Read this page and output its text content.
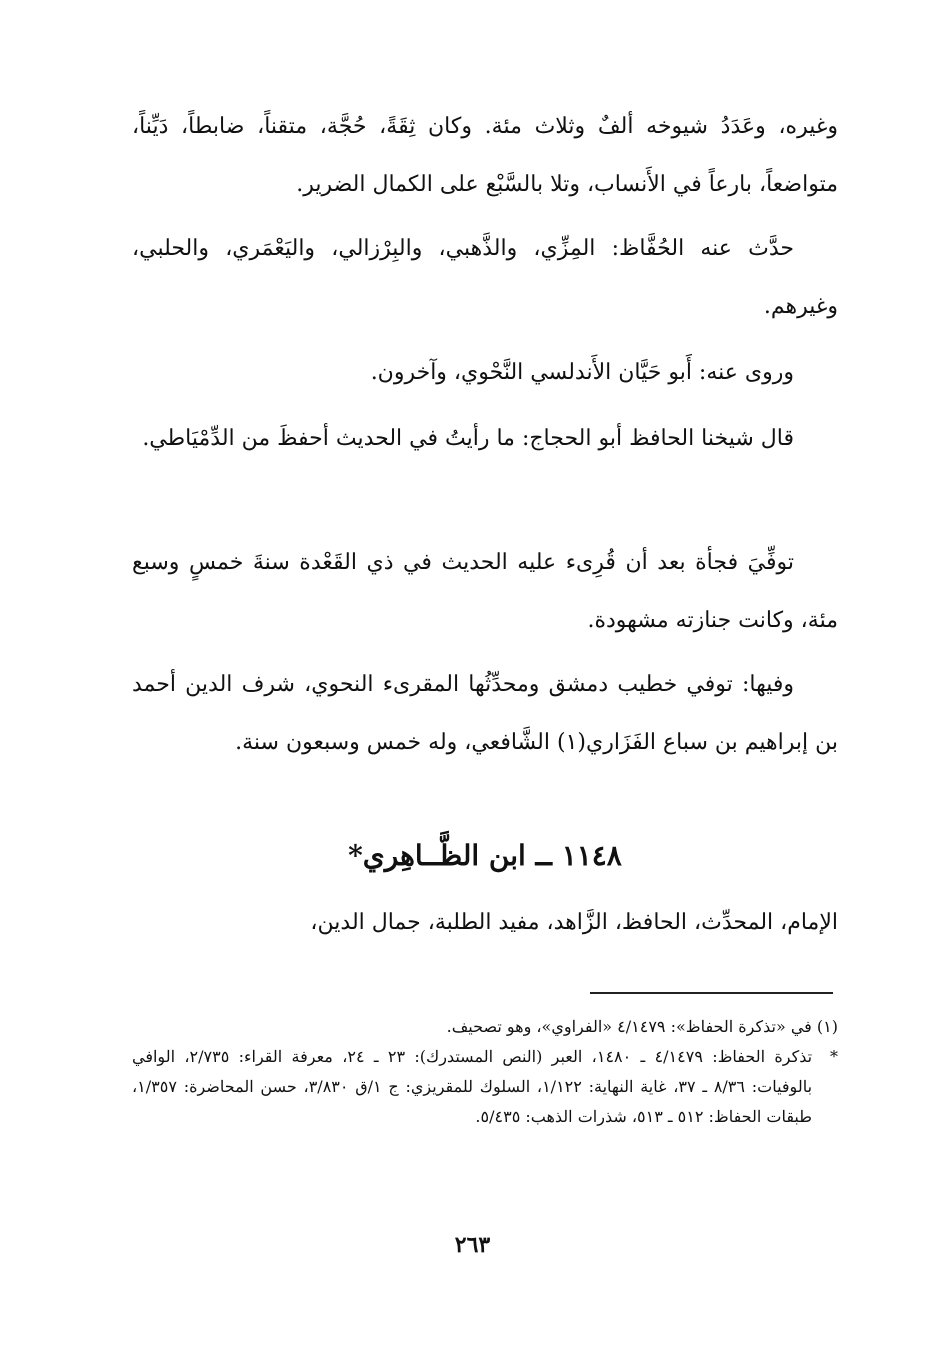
وغيره، وعَدَدُ شيوخه ألفٌ وثلاث مئة. وكان ثِقَةً، حُجَّة، متقناً، ضابطاً، دَيِّناً، متواضعاً، بارعاً في الأَنساب، وتلا بالسَّبْع على الكمال الضرير.

حدَّث عنه الحُفَّاظ: المِزِّي، والذَّهبي، والبِرْزالي، واليَعْمَري، والحلبي، وغيرهم.

وروى عنه: أَبو حَيَّان الأَندلسي النَّحْوي، وآخرون.

قال شيخنا الحافظ أبو الحجاج: ما رأيتُ في الحديث أحفظَ من الدِّمْيَاطي.

توفِّيَ فجأة بعد أن قُرِىء عليه الحديث في ذي القَعْدة سنةَ خمسٍ وسبع مئة، وكانت جنازته مشهودة.

وفيها: توفي خطيب دمشق ومحدِّثُها المقرىء النحوي، شرف الدين أحمد بن إبراهيم بن سباع الفَزَاري(١) الشَّافعي، وله خمس وسبعون سنة.

١١٤٨ ــ ابن الظَّــاهِري*

الإمام، المحدِّث، الحافظ، الزَّاهد، مفيد الطلبة، جمال الدين،

(١) في «تذكرة الحفاظ»: ٤/١٤٧٩ «الفراوي»، وهو تصحيف.

*
تذكرة الحفاظ: ٤/١٤٧٩ ـ ١٤٨٠، العبر (النص المستدرك): ٢٣ ـ ٢٤، معرفة القراء: ٢/٧٣٥، الوافي بالوفيات: ٨/٣٦ ـ ٣٧، غاية النهاية: ١/١٢٢، السلوك للمقريزي: ج ١/ق ٣/٨٣٠، حسن المحاضرة: ١/٣٥٧، طبقات الحفاظ: ٥١٢ ـ ٥١٣، شذرات الذهب: ٥/٤٣٥.

٢٦٣
